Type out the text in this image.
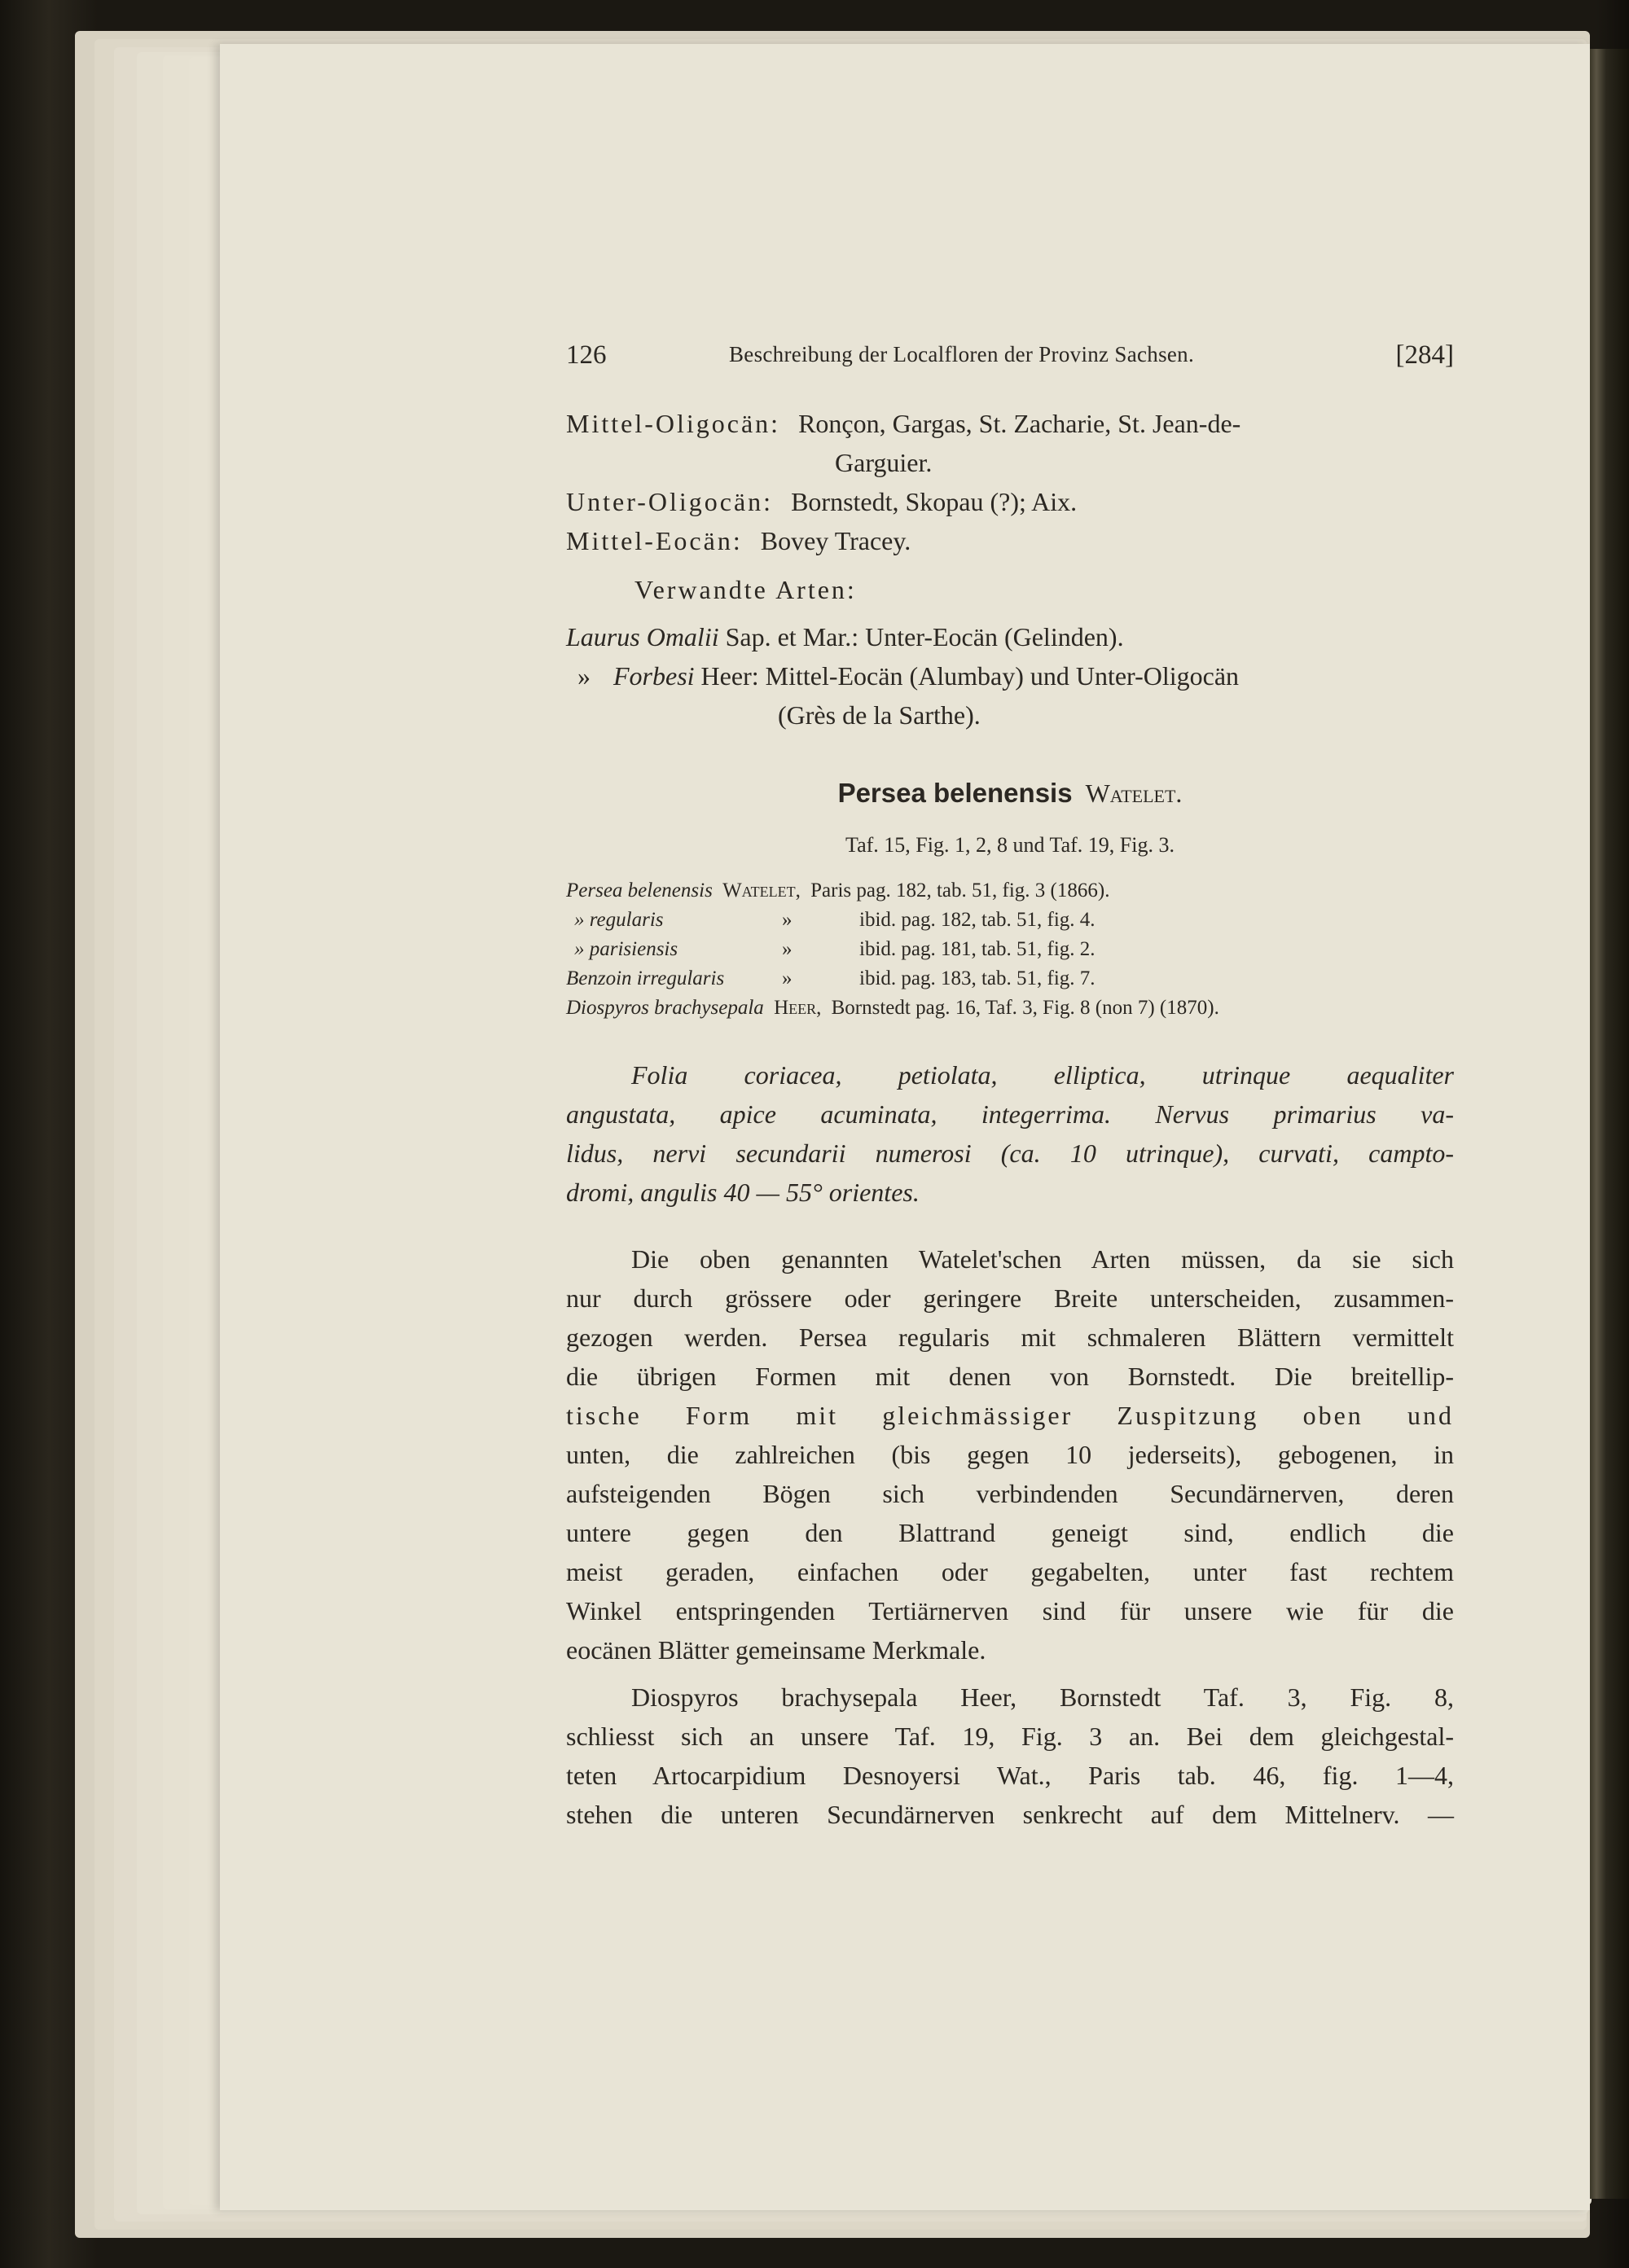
126	Beschreibung der Localfloren der Provinz Sachsen.	[284]
Mittel-Oligocän: Ronçon, Gargas, St. Zacharie, St. Jean-de-
Garguier.
Unter-Oligocän: Bornstedt, Skopau (?); Aix.
Mittel-Eocän: Bovey Tracey.
Verwandte Arten:
Laurus Omalii Sap. et Mar.: Unter-Eocän (Gelinden).
» Forbesi Heer: Mittel-Eocän (Alumbay) und Unter-Oligocän
(Grès de la Sarthe).
Persea belenensis Watelet.
Taf. 15, Fig. 1, 2, 8 und Taf. 19, Fig. 3.
Persea belenensis Watelet, Paris pag. 182, tab. 51, fig. 3 (1866).
» regularis	»	ibid. pag. 182, tab. 51, fig. 4.
» parisiensis	»	ibid. pag. 181, tab. 51, fig. 2.
Benzoin irregularis	»	ibid. pag. 183, tab. 51, fig. 7.
Diospyros brachysepala Heer, Bornstedt pag. 16, Taf. 3, Fig. 8 (non 7) (1870).
Folia coriacea, petiolata, elliptica, utrinque aequaliter
angustata, apice acuminata, integerrima. Nervus primarius va-
lidus, nervi secundarii numerosi (ca. 10 utrinque), curvati, campto-
dromi, angulis 40 — 55° orientes.
Die oben genannten Watelet'schen Arten müssen, da sie sich
nur durch grössere oder geringere Breite unterscheiden, zusammen-
gezogen werden. Persea regularis mit schmaleren Blättern vermittelt
die übrigen Formen mit denen von Bornstedt. Die breitellip-
tische Form mit gleichmässiger Zuspitzung oben und
unten, die zahlreichen (bis gegen 10 jederseits), gebogenen, in
aufsteigenden Bögen sich verbindenden Secundärnerven, deren
untere gegen den Blattrand geneigt sind, endlich die
meist geraden, einfachen oder gegabelten, unter fast rechtem
Winkel entspringenden Tertiärnerven sind für unsere wie für die
eocänen Blätter gemeinsame Merkmale.
Diospyros brachysepala Heer, Bornstedt Taf. 3, Fig. 8,
schliesst sich an unsere Taf. 19, Fig. 3 an. Bei dem gleichgestal-
teten Artocarpidium Desnoyersi Wat., Paris tab. 46, fig. 1—4,
stehen die unteren Secundärnerven senkrecht auf dem Mittelnerv. —
